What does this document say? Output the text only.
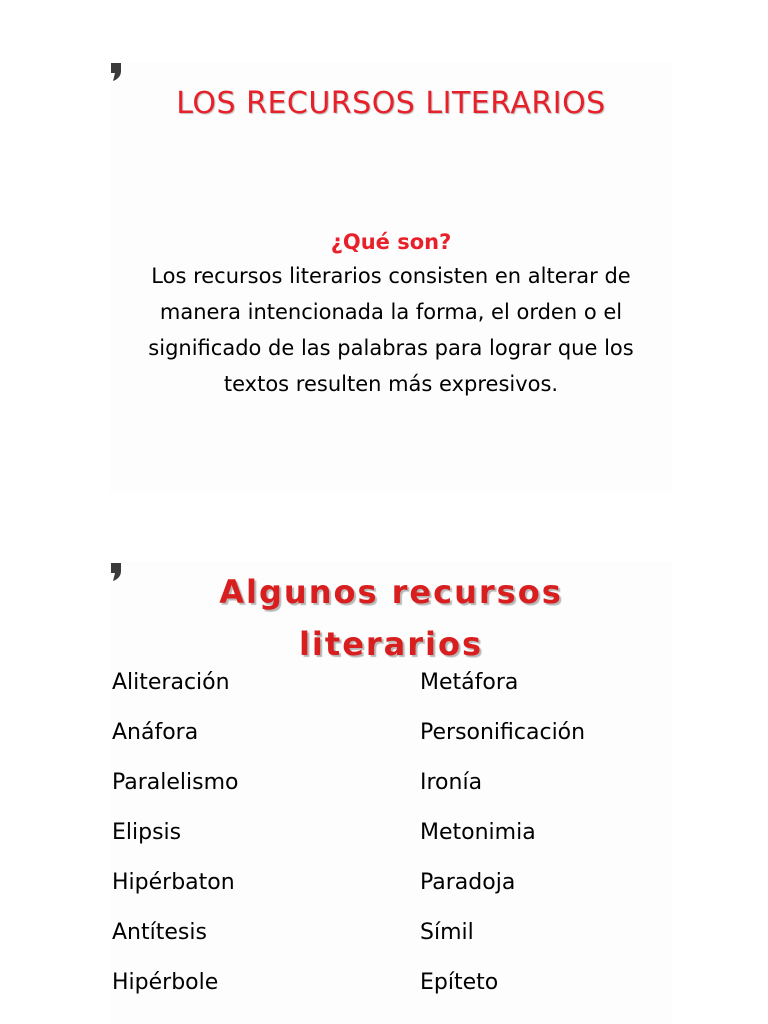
LOS RECURSOS LITERARIOS
¿Qué son?
Los recursos literarios consisten en alterar de
manera intencionada la forma, el orden o el
significado de las palabras para lograr que los
textos resulten más expresivos.
Algunos recursos
literarios
Aliteración	Metáfora
Anáfora	Personificación
Paralelismo	Ironía
Elipsis	Metonimia
Hipérbaton	Paradoja
Antítesis	Símil
Hipérbole	Epíteto
